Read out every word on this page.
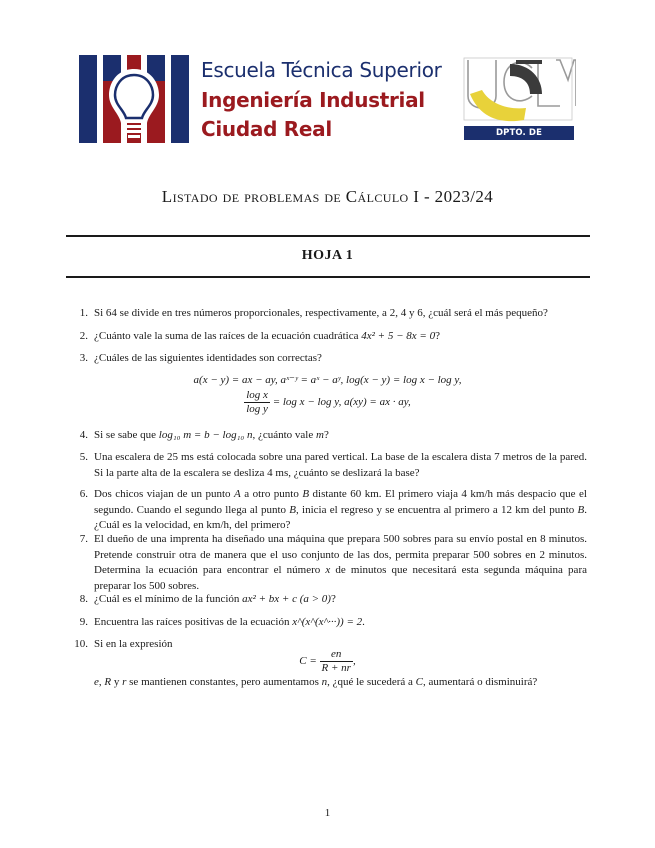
Escuela Técnica Superior
Ingeniería Industrial
Ciudad Real	DPTO. DE MATEMÁTICAS
Listado de problemas de Cálculo I - 2023/24
HOJA 1
1. Si 64 se divide en tres números proporcionales, respectivamente, a 2, 4 y 6, ¿cuál será el más pequeño?
2. ¿Cuánto vale la suma de las raíces de la ecuación cuadrática 4x² + 5 − 8x = 0?
3. ¿Cuáles de las siguientes identidades son correctas?
a(x − y) = ax − ay, aˣ⁻ʸ = aˣ − aʸ, log(x − y) = log x − log y,
$\frac{\text{log x}}{\text{log y}} = \log x - \log y$, a(xy) = ax · ay,
4. Si se sabe que log₁₀ m = b − log₁₀ n, ¿cuánto vale m?
5. Una escalera de 25 ms está colocada sobre una pared vertical. La base de la escalera dista 7 metros de la pared. Si la parte alta de la escalera se desliza 4 ms, ¿cuánto se deslizará la base?
6. Dos chicos viajan de un punto A a otro punto B distante 60 km. El primero viaja 4 km/h más despacio que el segundo. Cuando el segundo llega al punto B, inicia el regreso y se encuentra al primero a 12 km del punto B. ¿Cuál es la velocidad, en km/h, del primero?
7. El dueño de una imprenta ha diseñado una máquina que prepara 500 sobres para su envío postal en 8 minutos. Pretende construir otra de manera que el uso conjunto de las dos, permita preparar 500 sobres en 2 minutos. Determina la ecuación para encontrar el número x de minutos que necesitará esta segunda máquina para preparar los 500 sobres.
8. ¿Cuál es el mínimo de la función ax² + bx + c (a > 0)?
9. Encuentra las raíces positivas de la ecuación x^(x^(x^···)) = 2.
10. Si en la expresión
$C = \frac{en}{R + nr}$ ,
e, R y r se mantienen constantes, pero aumentamos n, ¿qué le sucederá a C, aumentará o disminuirá?
1
